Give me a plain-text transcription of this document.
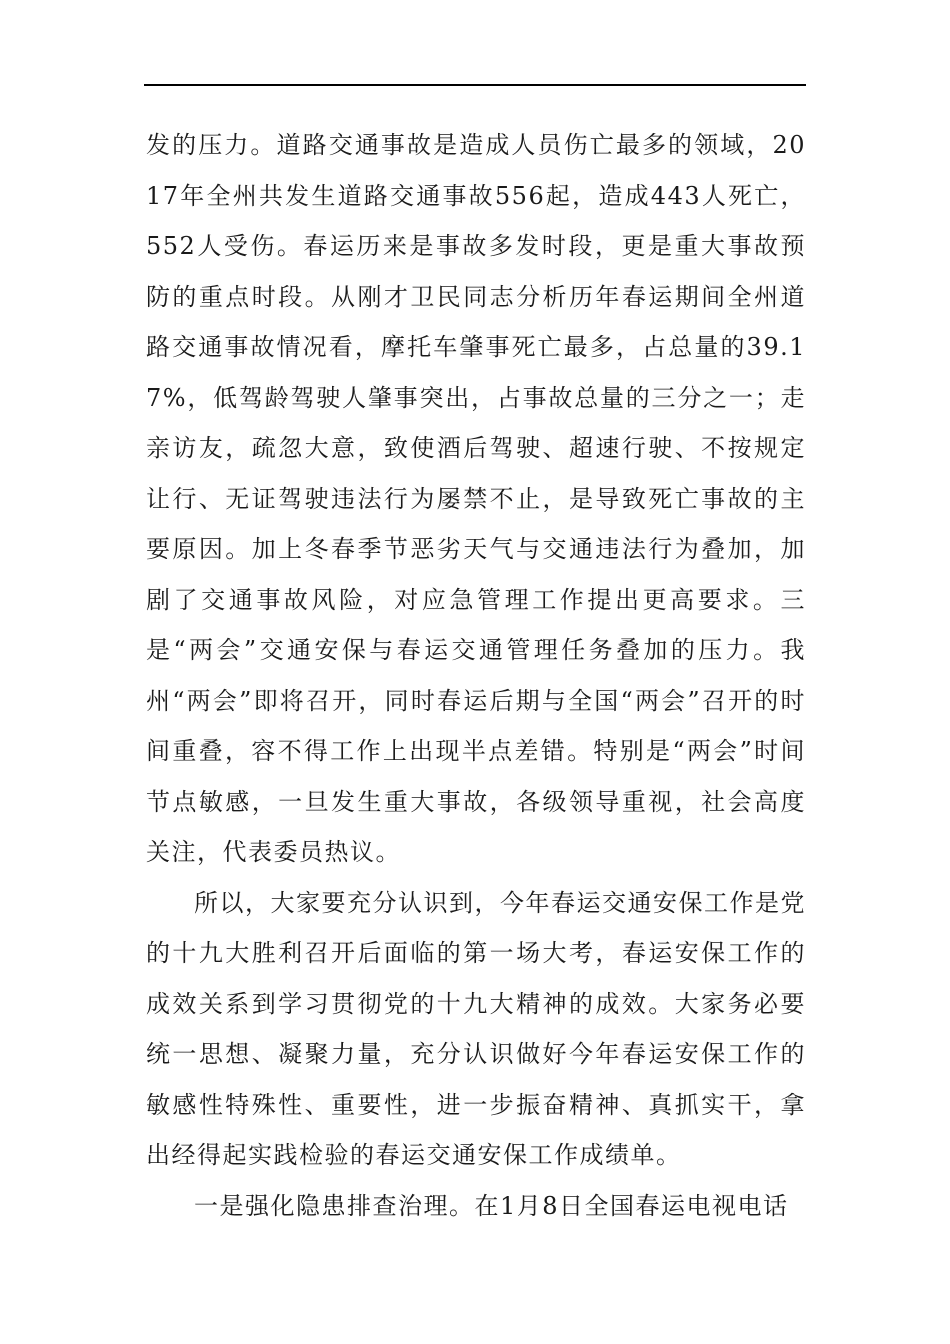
发的压力。道路交通事故是造成人员伤亡最多的领域，2017年全州共发生道路交通事故556起，造成443人死亡，552人受伤。春运历来是事故多发时段，更是重大事故预防的重点时段。从刚才卫民同志分析历年春运期间全州道路交通事故情况看，摩托车肇事死亡最多，占总量的39.17%，低驾龄驾驶人肇事突出，占事故总量的三分之一；走亲访友，疏忽大意，致使酒后驾驶、超速行驶、不按规定让行、无证驾驶违法行为屡禁不止，是导致死亡事故的主要原因。加上冬春季节恶劣天气与交通违法行为叠加，加剧了交通事故风险，对应急管理工作提出更高要求。三是“两会”交通安保与春运交通管理任务叠加的压力。我州“两会”即将召开，同时春运后期与全国“两会”召开的时间重叠，容不得工作上出现半点差错。特别是“两会”时间节点敏感，一旦发生重大事故，各级领导重视，社会高度关注，代表委员热议。

所以，大家要充分认识到，今年春运交通安保工作是党的十九大胜利召开后面临的第一场大考，春运安保工作的成效关系到学习贯彻党的十九大精神的成效。大家务必要统一思想、凝聚力量，充分认识做好今年春运安保工作的敏感性特殊性、重要性，进一步振奋精神、真抓实干，拿出经得起实践检验的春运交通安保工作成绩单。

一是强化隐患排查治理。在1月8日全国春运电视电话
